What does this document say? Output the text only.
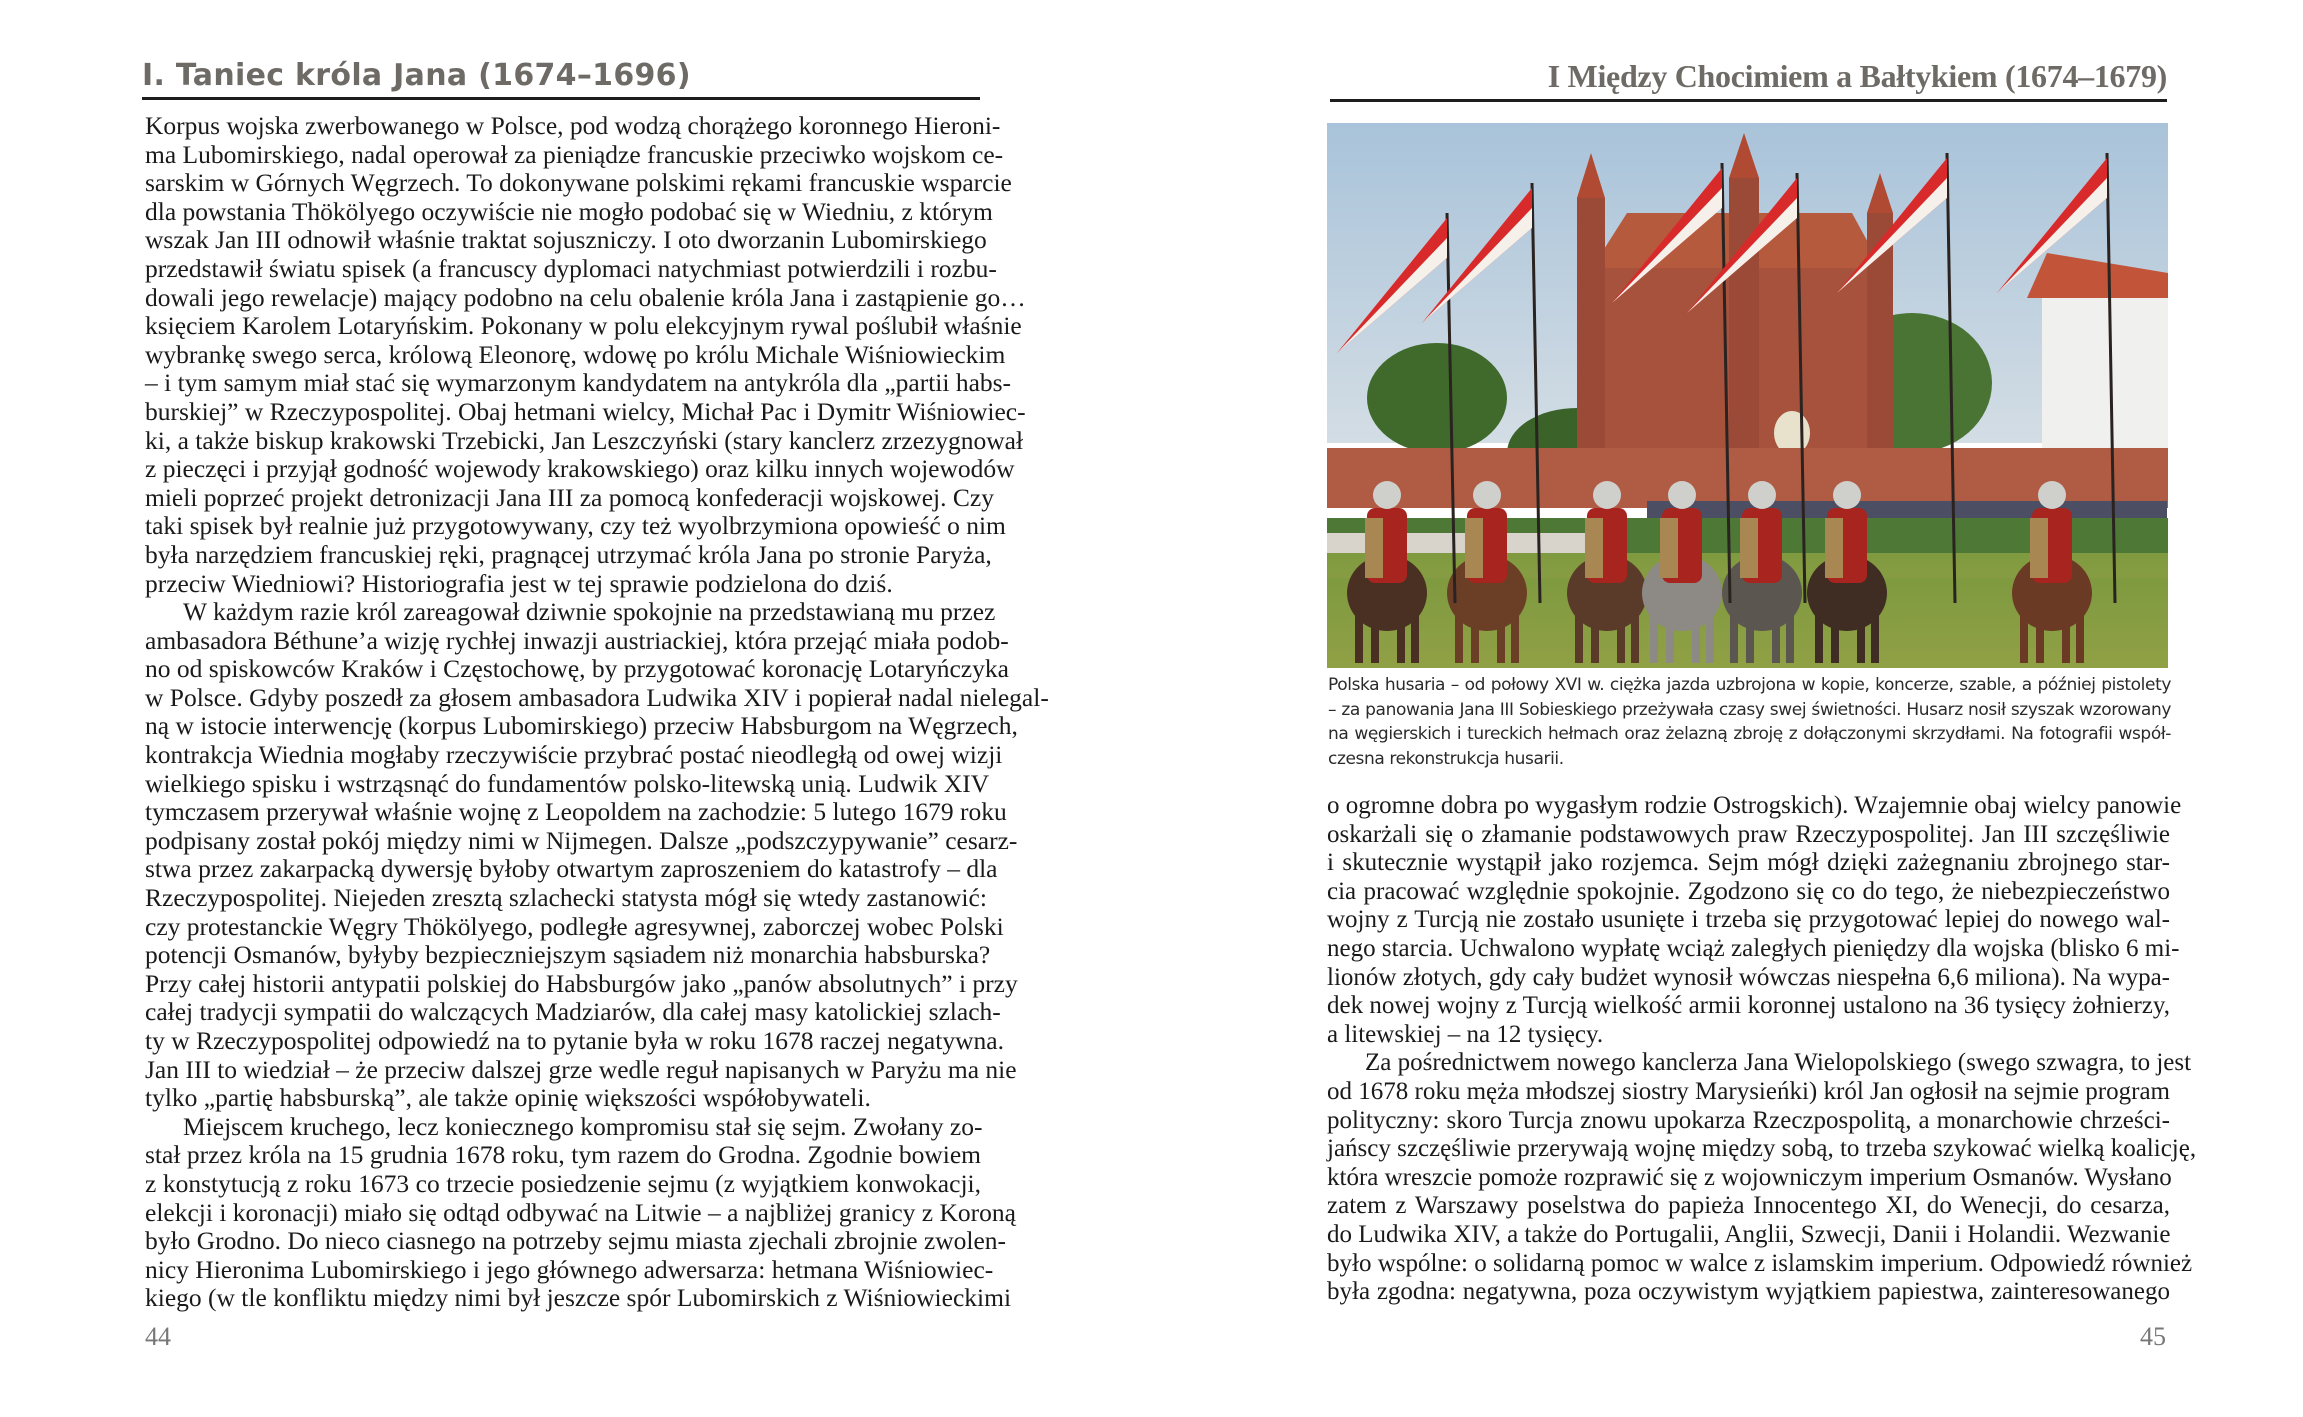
I. Taniec króla Jana (1674–1696)
Korpus wojska zwerbowanego w Polsce, pod wodzą chorążego koronnego Hieroni-
ma Lubomirskiego, nadal operował za pieniądze francuskie przeciwko wojskom ce-
sarskim w Górnych Węgrzech. To dokonywane polskimi rękami francuskie wsparcie
dla powstania Thökölyego oczywiście nie mogło podobać się w Wiedniu, z którym
wszak Jan III odnowił właśnie traktat sojuszniczy. I oto dworzanin Lubomirskiego
przedstawił światu spisek (a francuscy dyplomaci natychmiast potwierdzili i rozbu-
dowali jego rewelacje) mający podobno na celu obalenie króla Jana i zastąpienie go…
księciem Karolem Lotaryńskim. Pokonany w polu elekcyjnym rywal poślubił właśnie
wybrankę swego serca, królową Eleonorę, wdowę po królu Michale Wiśniowieckim
– i tym samym miał stać się wymarzonym kandydatem na antykróla dla „partii habs-
burskiej” w Rzeczypospolitej. Obaj hetmani wielcy, Michał Pac i Dymitr Wiśniowiec-
ki, a także biskup krakowski Trzebicki, Jan Leszczyński (stary kanclerz zrzezygnował
z pieczęci i przyjął godność wojewody krakowskiego) oraz kilku innych wojewodów
mieli poprzeć projekt detronizacji Jana III za pomocą konfederacji wojskowej. Czy
taki spisek był realnie już przygotowywany, czy też wyolbrzymiona opowieść o nim
była narzędziem francuskiej ręki, pragnącej utrzymać króla Jana po stronie Paryża,
przeciw Wiedniowi? Historiografia jest w tej sprawie podzielona do dziś.
W każdym razie król zareagował dziwnie spokojnie na przedstawianą mu przez
ambasadora Béthune’a wizję rychłej inwazji austriackiej, która przejąć miała podob-
no od spiskowców Kraków i Częstochowę, by przygotować koronację Lotaryńczyka
w Polsce. Gdyby poszedł za głosem ambasadora Ludwika XIV i popierał nadal nielegal-
ną w istocie interwencję (korpus Lubomirskiego) przeciw Habsburgom na Węgrzech,
kontrakcja Wiednia mogłaby rzeczywiście przybrać postać nieodległą od owej wizji
wielkiego spisku i wstrząsnąć do fundamentów polsko-litewską unią. Ludwik XIV
tymczasem przerywał właśnie wojnę z Leopoldem na zachodzie: 5 lutego 1679 roku
podpisany został pokój między nimi w Nijmegen. Dalsze „podszczypywanie” cesarz-
stwa przez zakarpacką dywersję byłoby otwartym zaproszeniem do katastrofy – dla
Rzeczypospolitej. Niejeden zresztą szlachecki statysta mógł się wtedy zastanowić:
czy protestanckie Węgry Thökölyego, podległe agresywnej, zaborczej wobec Polski
potencji Osmanów, byłyby bezpieczniejszym sąsiadem niż monarchia habsburska?
Przy całej historii antypatii polskiej do Habsburgów jako „panów absolutnych” i przy
całej tradycji sympatii do walczących Madziarów, dla całej masy katolickiej szlach-
ty w Rzeczypospolitej odpowiedź na to pytanie była w roku 1678 raczej negatywna.
Jan III to wiedział – że przeciw dalszej grze wedle reguł napisanych w Paryżu ma nie
tylko „partię habsburską”, ale także opinię większości współobywateli.
Miejscem kruchego, lecz koniecznego kompromisu stał się sejm. Zwołany zo-
stał przez króla na 15 grudnia 1678 roku, tym razem do Grodna. Zgodnie bowiem
z konstytucją z roku 1673 co trzecie posiedzenie sejmu (z wyjątkiem konwokacji,
elekcji i koronacji) miało się odtąd odbywać na Litwie – a najbliżej granicy z Koroną
było Grodno. Do nieco ciasnego na potrzeby sejmu miasta zjechali zbrojnie zwolen-
nicy Hieronima Lubomirskiego i jego głównego adwersarza: hetmana Wiśniowiec-
kiego (w tle konfliktu między nimi był jeszcze spór Lubomirskich z Wiśniowieckimi
44
I Między Chocimiem a Bałtykiem (1674–1679)
Polska husaria – od połowy XVI w. ciężka jazda uzbrojona w kopie, koncerze, szable, a później pistolety
– za panowania Jana III Sobieskiego przeżywała czasy swej świetności. Husarz nosił szyszak wzorowany
na węgierskich i tureckich hełmach oraz żelazną zbroję z dołączonymi skrzydłami. Na fotografii współ-
czesna rekonstrukcja husarii.
o ogromne dobra po wygasłym rodzie Ostrogskich). Wzajemnie obaj wielcy panowie
oskarżali się o złamanie podstawowych praw Rzeczypospolitej. Jan III szczęśliwie
i skutecznie wystąpił jako rozjemca. Sejm mógł dzięki zażegnaniu zbrojnego star-
cia pracować względnie spokojnie. Zgodzono się co do tego, że niebezpieczeństwo
wojny z Turcją nie zostało usunięte i trzeba się przygotować lepiej do nowego wal-
nego starcia. Uchwalono wypłatę wciąż zaległych pieniędzy dla wojska (blisko 6 mi-
lionów złotych, gdy cały budżet wynosił wówczas niespełna 6,6 miliona). Na wypa-
dek nowej wojny z Turcją wielkość armii koronnej ustalono na 36 tysięcy żołnierzy,
a litewskiej – na 12 tysięcy.
Za pośrednictwem nowego kanclerza Jana Wielopolskiego (swego szwagra, to jest
od 1678 roku męża młodszej siostry Marysieńki) król Jan ogłosił na sejmie program
polityczny: skoro Turcja znowu upokarza Rzeczpospolitą, a monarchowie chrześci-
jańscy szczęśliwie przerywają wojnę między sobą, to trzeba szykować wielką koalicję,
która wreszcie pomoże rozprawić się z wojowniczym imperium Osmanów. Wysłano
zatem z Warszawy poselstwa do papieża Innocentego XI, do Wenecji, do cesarza,
do Ludwika XIV, a także do Portugalii, Anglii, Szwecji, Danii i Holandii. Wezwanie
było wspólne: o solidarną pomoc w walce z islamskim imperium. Odpowiedź również
była zgodna: negatywna, poza oczywistym wyjątkiem papiestwa, zainteresowanego
45
